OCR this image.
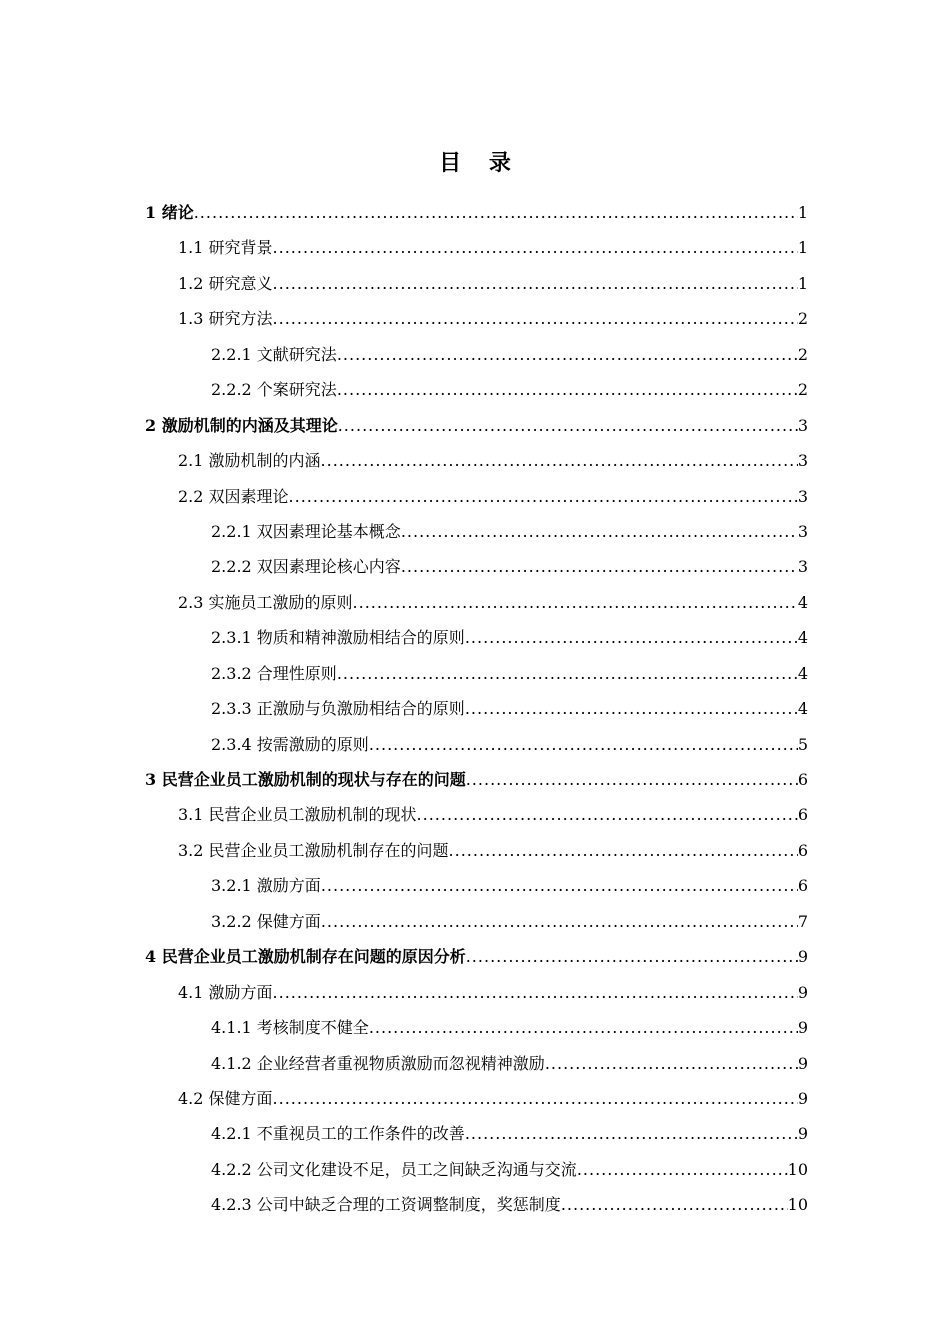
目 录
1 绪论 .....	1
1.1 研究背景 .....	1
1.2 研究意义 .....	1
1.3 研究方法 .....	2
2.2.1 文献研究法 .....	2
2.2.2 个案研究法 .....	2
2 激励机制的内涵及其理论 .....	3
2.1 激励机制的内涵 .....	3
2.2 双因素理论 .....	3
2.2.1 双因素理论基本概念 .....	3
2.2.2 双因素理论核心内容 .....	3
2.3 实施员工激励的原则 .....	4
2.3.1 物质和精神激励相结合的原则 .....	4
2.3.2 合理性原则 .....	4
2.3.3 正激励与负激励相结合的原则 .....	4
2.3.4 按需激励的原则 .....	5
3 民营企业员工激励机制的现状与存在的问题 .....	6
3.1 民营企业员工激励机制的现状 .....	6
3.2 民营企业员工激励机制存在的问题 .....	6
3.2.1 激励方面 .....	6
3.2.2 保健方面 .....	7
4 民营企业员工激励机制存在问题的原因分析 .....	9
4.1 激励方面 .....	9
4.1.1 考核制度不健全 .....	9
4.1.2 企业经营者重视物质激励而忽视精神激励 .....	9
4.2 保健方面 .....	9
4.2.1 不重视员工的工作条件的改善 .....	9
4.2.2 公司文化建设不足，员工之间缺乏沟通与交流 .....	10
4.2.3 公司中缺乏合理的工资调整制度，奖惩制度 .....	10
